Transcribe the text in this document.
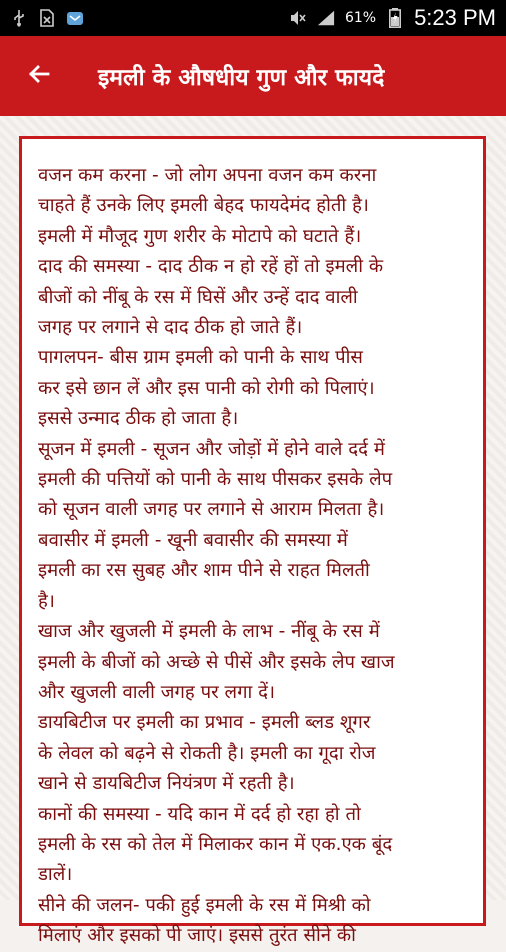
61% 5:23 PM
इमली के औषधीय गुण और फायदे
वजन कम करना - जो लोग अपना वजन कम करना
चाहते हैं उनके लिए इमली बेहद फायदेमंद होती है।
इमली में मौजूद गुण शरीर के मोटापे को घटाते हैं।
दाद की समस्या - दाद ठीक न हो रहें हों तो इमली के
बीजों को नींबू के रस में घिसें और उन्हें दाद वाली
जगह पर लगाने से दाद ठीक हो जाते हैं।
पागलपन- बीस ग्राम इमली को पानी के साथ पीस
कर इसे छान लें और इस पानी को रोगी को पिलाएं।
इससे उन्माद ठीक हो जाता है।
सूजन में इमली - सूजन और जोड़ों में होने वाले दर्द में
इमली की पत्तियों को पानी के साथ पीसकर इसके लेप
को सूजन वाली जगह पर लगाने से आराम मिलता है।
बवासीर में इमली - खूनी बवासीर की समस्या में
इमली का रस सुबह और शाम पीने से राहत मिलती
है।
खाज और खुजली में इमली के लाभ - नींबू के रस में
इमली के बीजों को अच्छे से पीसें और इसके लेप खाज
और खुजली वाली जगह पर लगा दें।
डायबिटीज पर इमली का प्रभाव - इमली ब्लड शूगर
के लेवल को बढ़ने से रोकती है। इमली का गूदा रोज
खाने से डायबिटीज नियंत्रण में रहती है।
कानों की समस्या - यदि कान में दर्द हो रहा हो तो
इमली के रस को तेल में मिलाकर कान में एक.एक बूंद
डालें।
सीने की जलन- पकी हुई इमली के रस में मिश्री को
मिलाएं और इसको पी जाएं। इससे तुरंत सीने की
